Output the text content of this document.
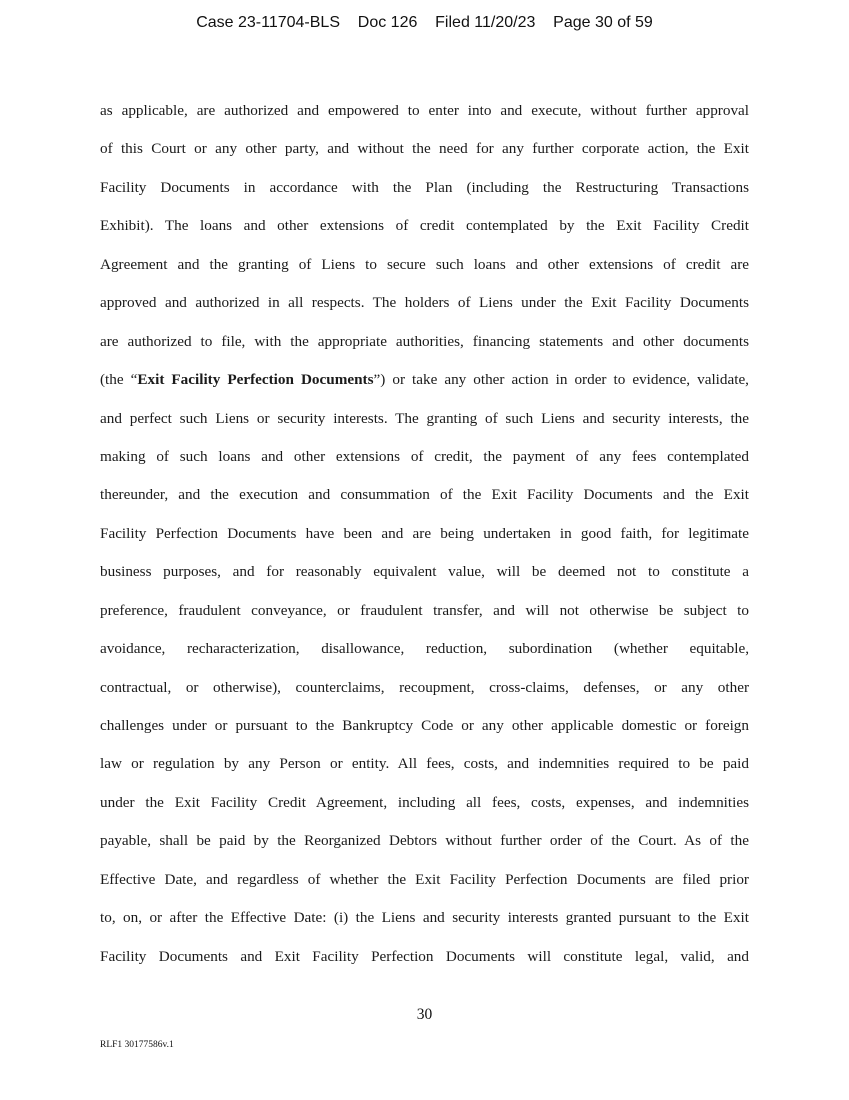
Case 23-11704-BLS    Doc 126    Filed 11/20/23    Page 30 of 59
as applicable, are authorized and empowered to enter into and execute, without further approval
of this Court or any other party, and without the need for any further corporate action, the Exit
Facility Documents in accordance with the Plan (including the Restructuring Transactions
Exhibit). The loans and other extensions of credit contemplated by the Exit Facility Credit
Agreement and the granting of Liens to secure such loans and other extensions of credit are
approved and authorized in all respects. The holders of Liens under the Exit Facility Documents
are authorized to file, with the appropriate authorities, financing statements and other documents
(the “Exit Facility Perfection Documents”) or take any other action in order to evidence, validate,
and perfect such Liens or security interests. The granting of such Liens and security interests, the
making of such loans and other extensions of credit, the payment of any fees contemplated
thereunder, and the execution and consummation of the Exit Facility Documents and the Exit
Facility Perfection Documents have been and are being undertaken in good faith, for legitimate
business purposes, and for reasonably equivalent value, will be deemed not to constitute a
preference, fraudulent conveyance, or fraudulent transfer, and will not otherwise be subject to
avoidance, recharacterization, disallowance, reduction, subordination (whether equitable,
contractual, or otherwise), counterclaims, recoupment, cross-claims, defenses, or any other
challenges under or pursuant to the Bankruptcy Code or any other applicable domestic or foreign
law or regulation by any Person or entity. All fees, costs, and indemnities required to be paid
under the Exit Facility Credit Agreement, including all fees, costs, expenses, and indemnities
payable, shall be paid by the Reorganized Debtors without further order of the Court. As of the
Effective Date, and regardless of whether the Exit Facility Perfection Documents are filed prior
to, on, or after the Effective Date: (i) the Liens and security interests granted pursuant to the Exit
Facility Documents and Exit Facility Perfection Documents will constitute legal, valid, and
30
RLF1 30177586v.1
